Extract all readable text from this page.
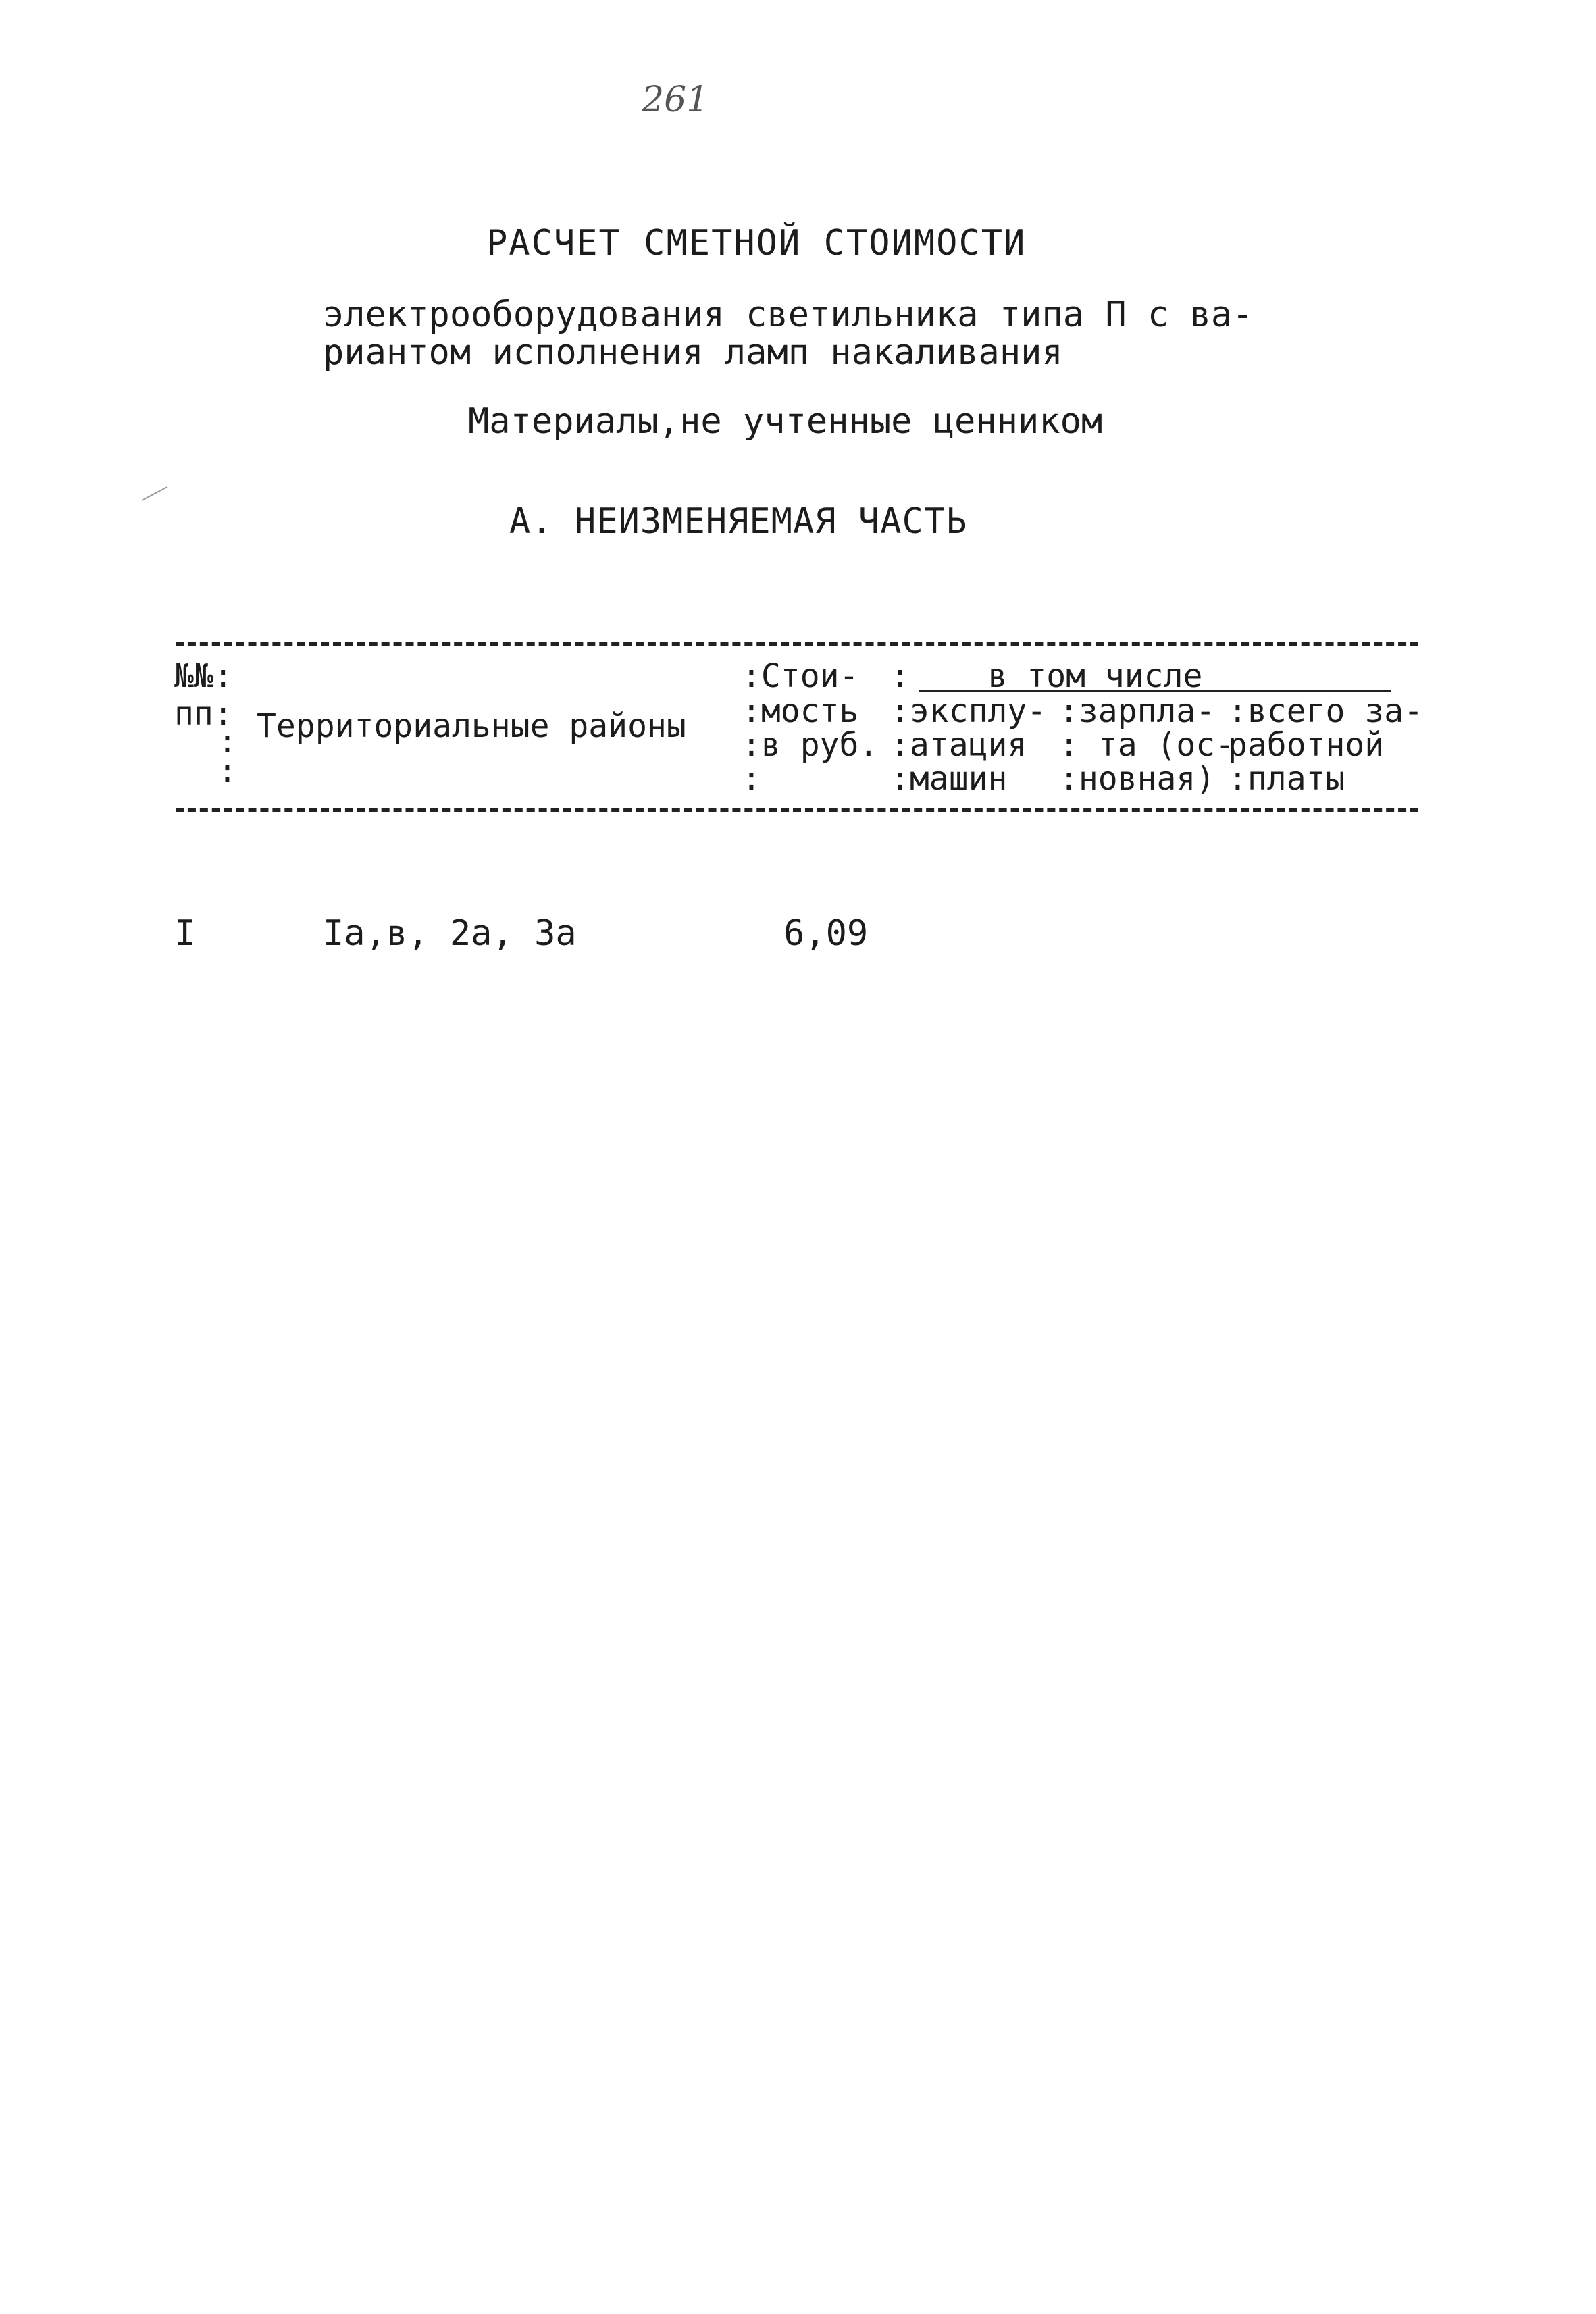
261
РАСЧЕТ СМЕТНОЙ СТОИМОСТИ
электрооборудования светильника типа П с ва-
риантом исполнения ламп накаливания
Материалы,не учтенные ценником
А. НЕИЗМЕНЯЕМАЯ ЧАСТЬ
№№:
пп:
:
:
Территориальные районы
:Стои-
:мость
:в руб.
:
:    в том числе
:эксплу-
:атация
:машин
:зарпла-
: та (ос-
:новная)
:всего за-
работной
:платы
I	Iа,в, 2а, 3а	6,09
